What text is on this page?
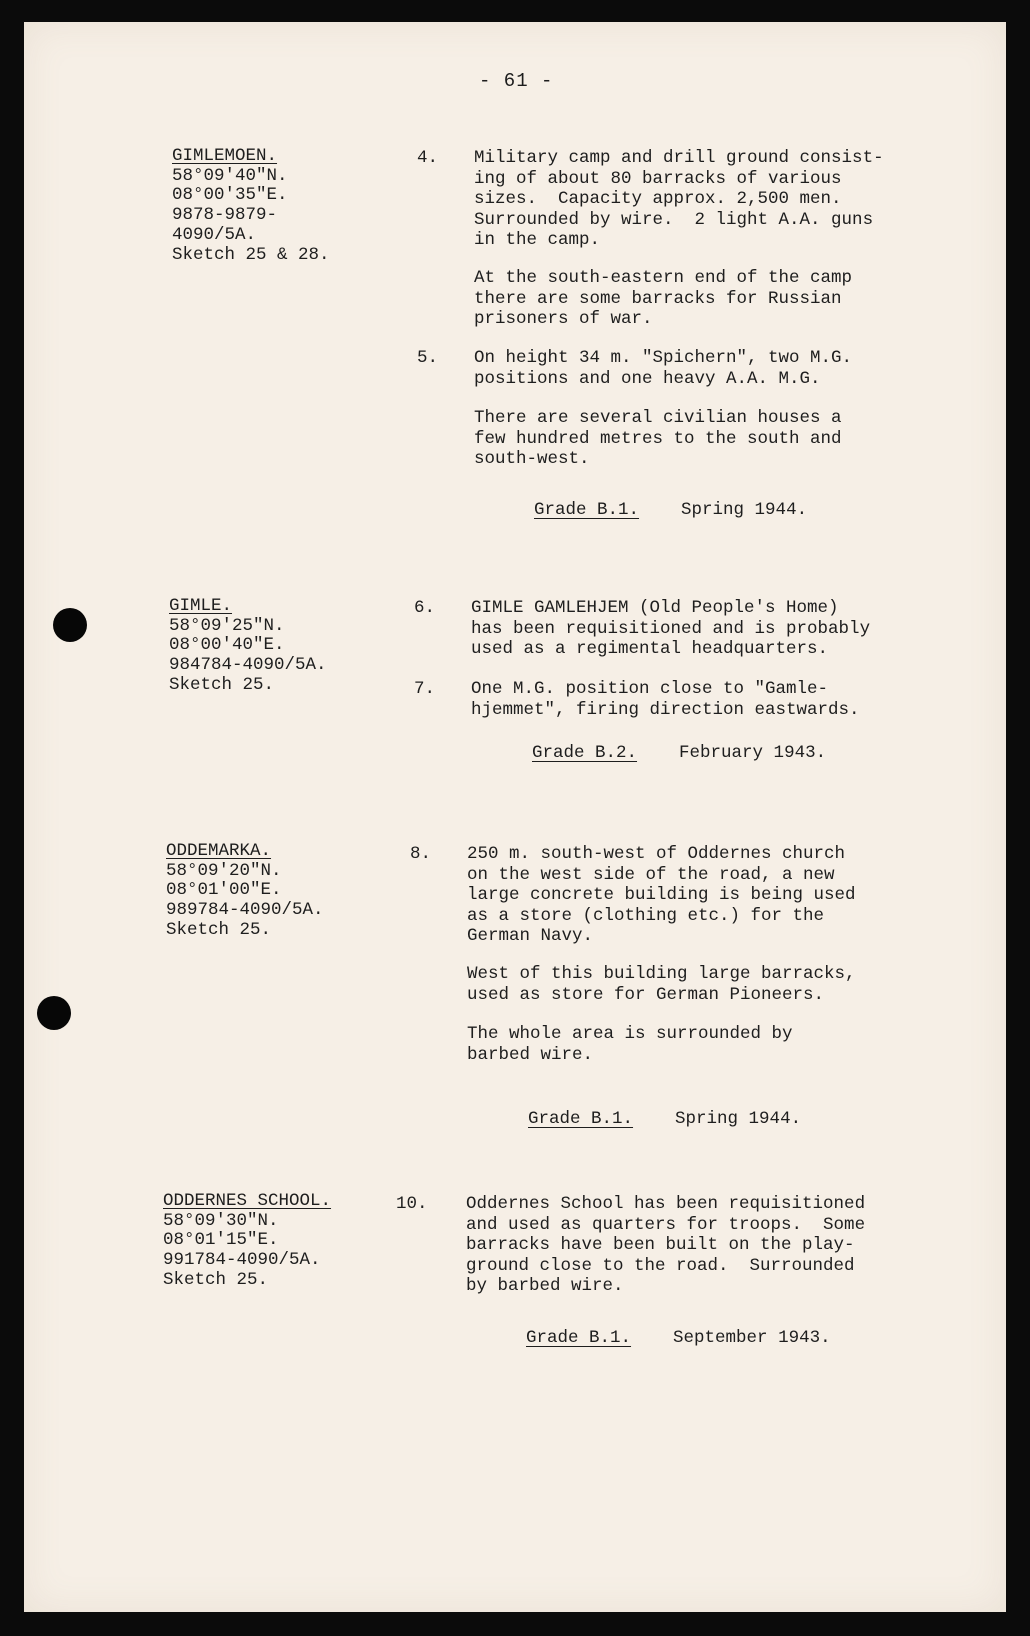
- 61 -
GIMLEMOEN.
58°09'40"N.
08°00'35"E.
9878-9879-
4090/5A.
Sketch 25 & 28.
4. Military camp and drill ground consist-
ing of about 80 barracks of various
sizes.  Capacity approx. 2,500 men.
Surrounded by wire.  2 light A.A. guns
in the camp.
At the south-eastern end of the camp
there are some barracks for Russian
prisoners of war.
5. On height 34 m. "Spichern", two M.G.
positions and one heavy A.A. M.G.
There are several civilian houses a
few hundred metres to the south and
south-west.
Grade B.1. Spring 1944.
GIMLE.
58°09'25"N.
08°00'40"E.
984784-4090/5A.
Sketch 25.
6. GIMLE GAMLEHJEM (Old People's Home)
has been requisitioned and is probably
used as a regimental headquarters.
7. One M.G. position close to "Gamle-
hjemmet", firing direction eastwards.
Grade B.2. February 1943.
ODDEMARKA.
58°09'20"N.
08°01'00"E.
989784-4090/5A.
Sketch 25.
8. 250 m. south-west of Oddernes church
on the west side of the road, a new
large concrete building is being used
as a store (clothing etc.) for the
German Navy.
West of this building large barracks,
used as store for German Pioneers.
The whole area is surrounded by
barbed wire.
Grade B.1. Spring 1944.
ODDERNES SCHOOL.
58°09'30"N.
08°01'15"E.
991784-4090/5A.
Sketch 25.
10. Oddernes School has been requisitioned
and used as quarters for troops.  Some
barracks have been built on the play-
ground close to the road.  Surrounded
by barbed wire.
Grade B.1. September 1943.
